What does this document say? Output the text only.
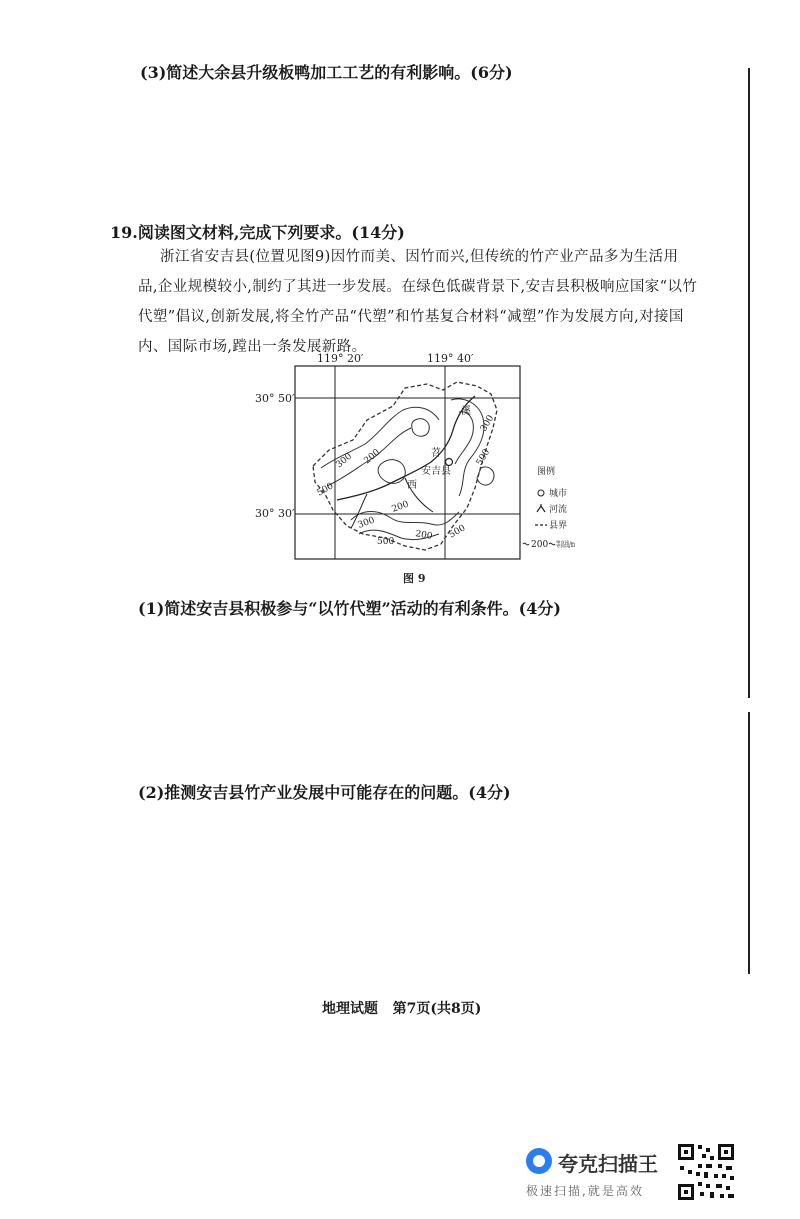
(3)简述大余县升级板鸭加工工艺的有利影响。(6分)
19.阅读图文材料,完成下列要求。(14分)
浙江省安吉县(位置见图9)因竹而美、因竹而兴,但传统的竹产业产品多为生活用
品,企业规模较小,制约了其进一步发展。在绿色低碳背景下,安吉县积极响应国家“以竹
代塑”倡议,创新发展,将全竹产品“代塑”和竹基复合材料“减塑”作为发展方向,对接国
内、国际市场,蹚出一条发展新路。
119° 20′	119° 40′
30° 50′
30° 30′
500
300 200
200
300
500
200 500
300
500
西
苕
溪
安吉县	图例
城市
河流
县界
200 等高线/m
图 9
(1)简述安吉县积极参与“以竹代塑”活动的有利条件。(4分)
(2)推测安吉县竹产业发展中可能存在的问题。(4分)
地理试题   第7页(共8页)
夸克扫描王
极速扫描,就是高效
